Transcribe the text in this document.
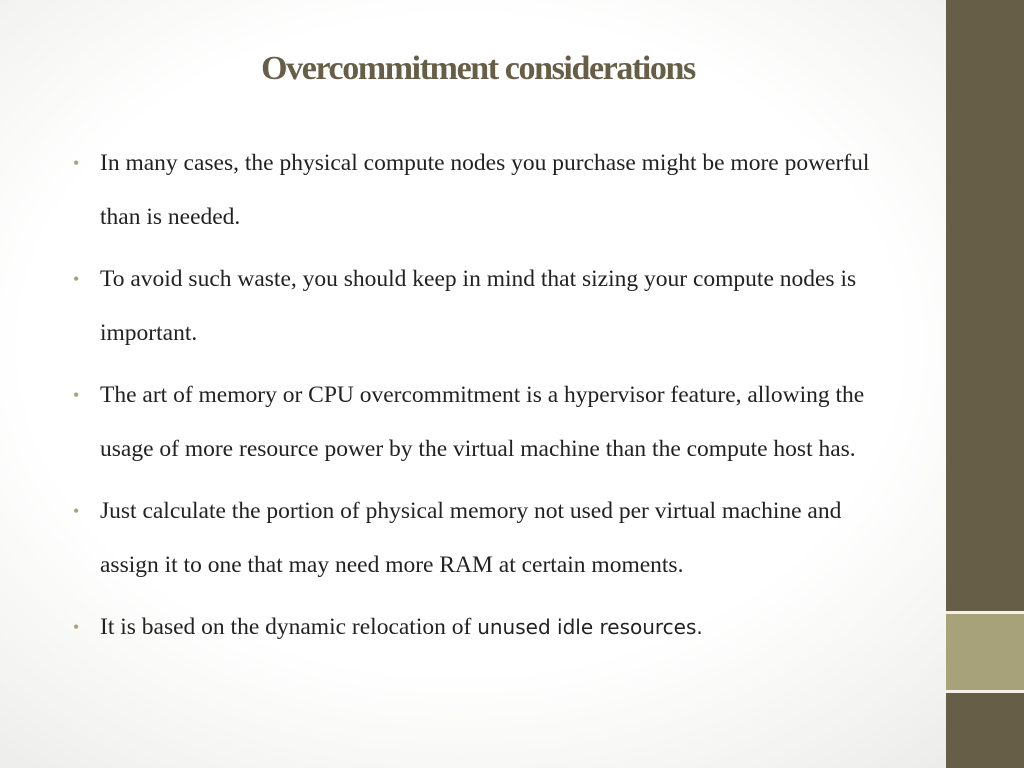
Overcommitment considerations
• In many cases, the physical compute nodes you purchase might be more powerful than is needed.
• To avoid such waste, you should keep in mind that sizing your compute nodes is important.
• The art of memory or CPU overcommitment is a hypervisor feature, allowing the usage of more resource power by the virtual machine than the compute host has.
• Just calculate the portion of physical memory not used per virtual machine and assign it to one that may need more RAM at certain moments.
• It is based on the dynamic relocation of unused idle resources.
